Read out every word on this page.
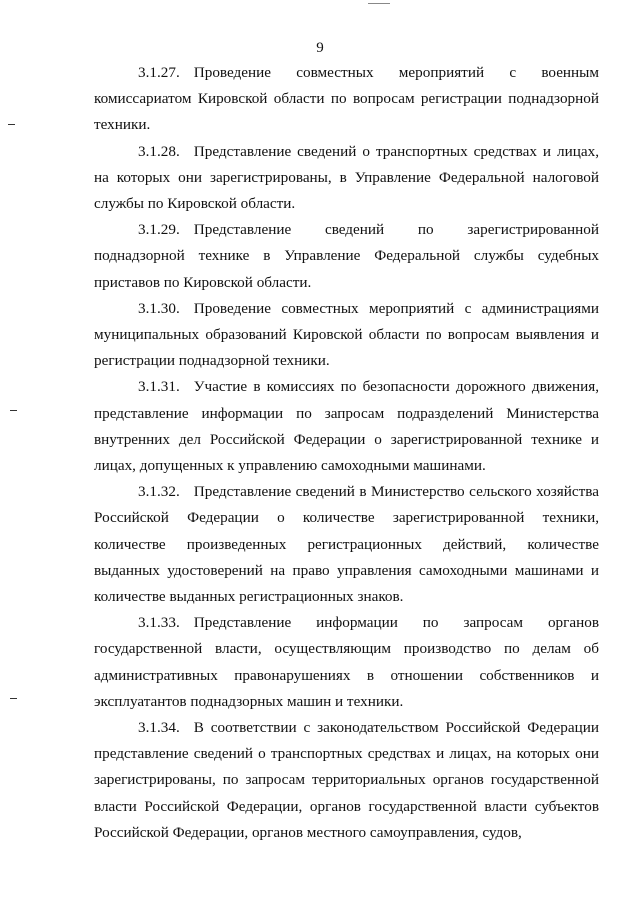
9

3.1.27. Проведение совместных мероприятий с военным комиссариатом Кировской области по вопросам регистрации поднадзорной техники.

3.1.28. Представление сведений о транспортных средствах и лицах, на которых они зарегистрированы, в Управление Федеральной налоговой службы по Кировской области.

3.1.29. Представление сведений по зарегистрированной поднадзорной технике в Управление Федеральной службы судебных приставов по Кировской области.

3.1.30. Проведение совместных мероприятий с администрациями муниципальных образований Кировской области по вопросам выявления и регистрации поднадзорной техники.

3.1.31. Участие в комиссиях по безопасности дорожного движения, представление информации по запросам подразделений Министерства внутренних дел Российской Федерации о зарегистрированной технике и лицах, допущенных к управлению самоходными машинами.

3.1.32. Представление сведений в Министерство сельского хозяйства Российской Федерации о количестве зарегистрированной техники, количестве произведенных регистрационных действий, количестве выданных удостоверений на право управления самоходными машинами и количестве выданных регистрационных знаков.

3.1.33. Представление информации по запросам органов государственной власти, осуществляющим производство по делам об административных правонарушениях в отношении собственников и эксплуатантов поднадзорных машин и техники.

3.1.34. В соответствии с законодательством Российской Федерации представление сведений о транспортных средствах и лицах, на которых они зарегистрированы, по запросам территориальных органов государственной власти Российской Федерации, органов государственной власти субъектов Российской Федерации, органов местного самоуправления, судов,
